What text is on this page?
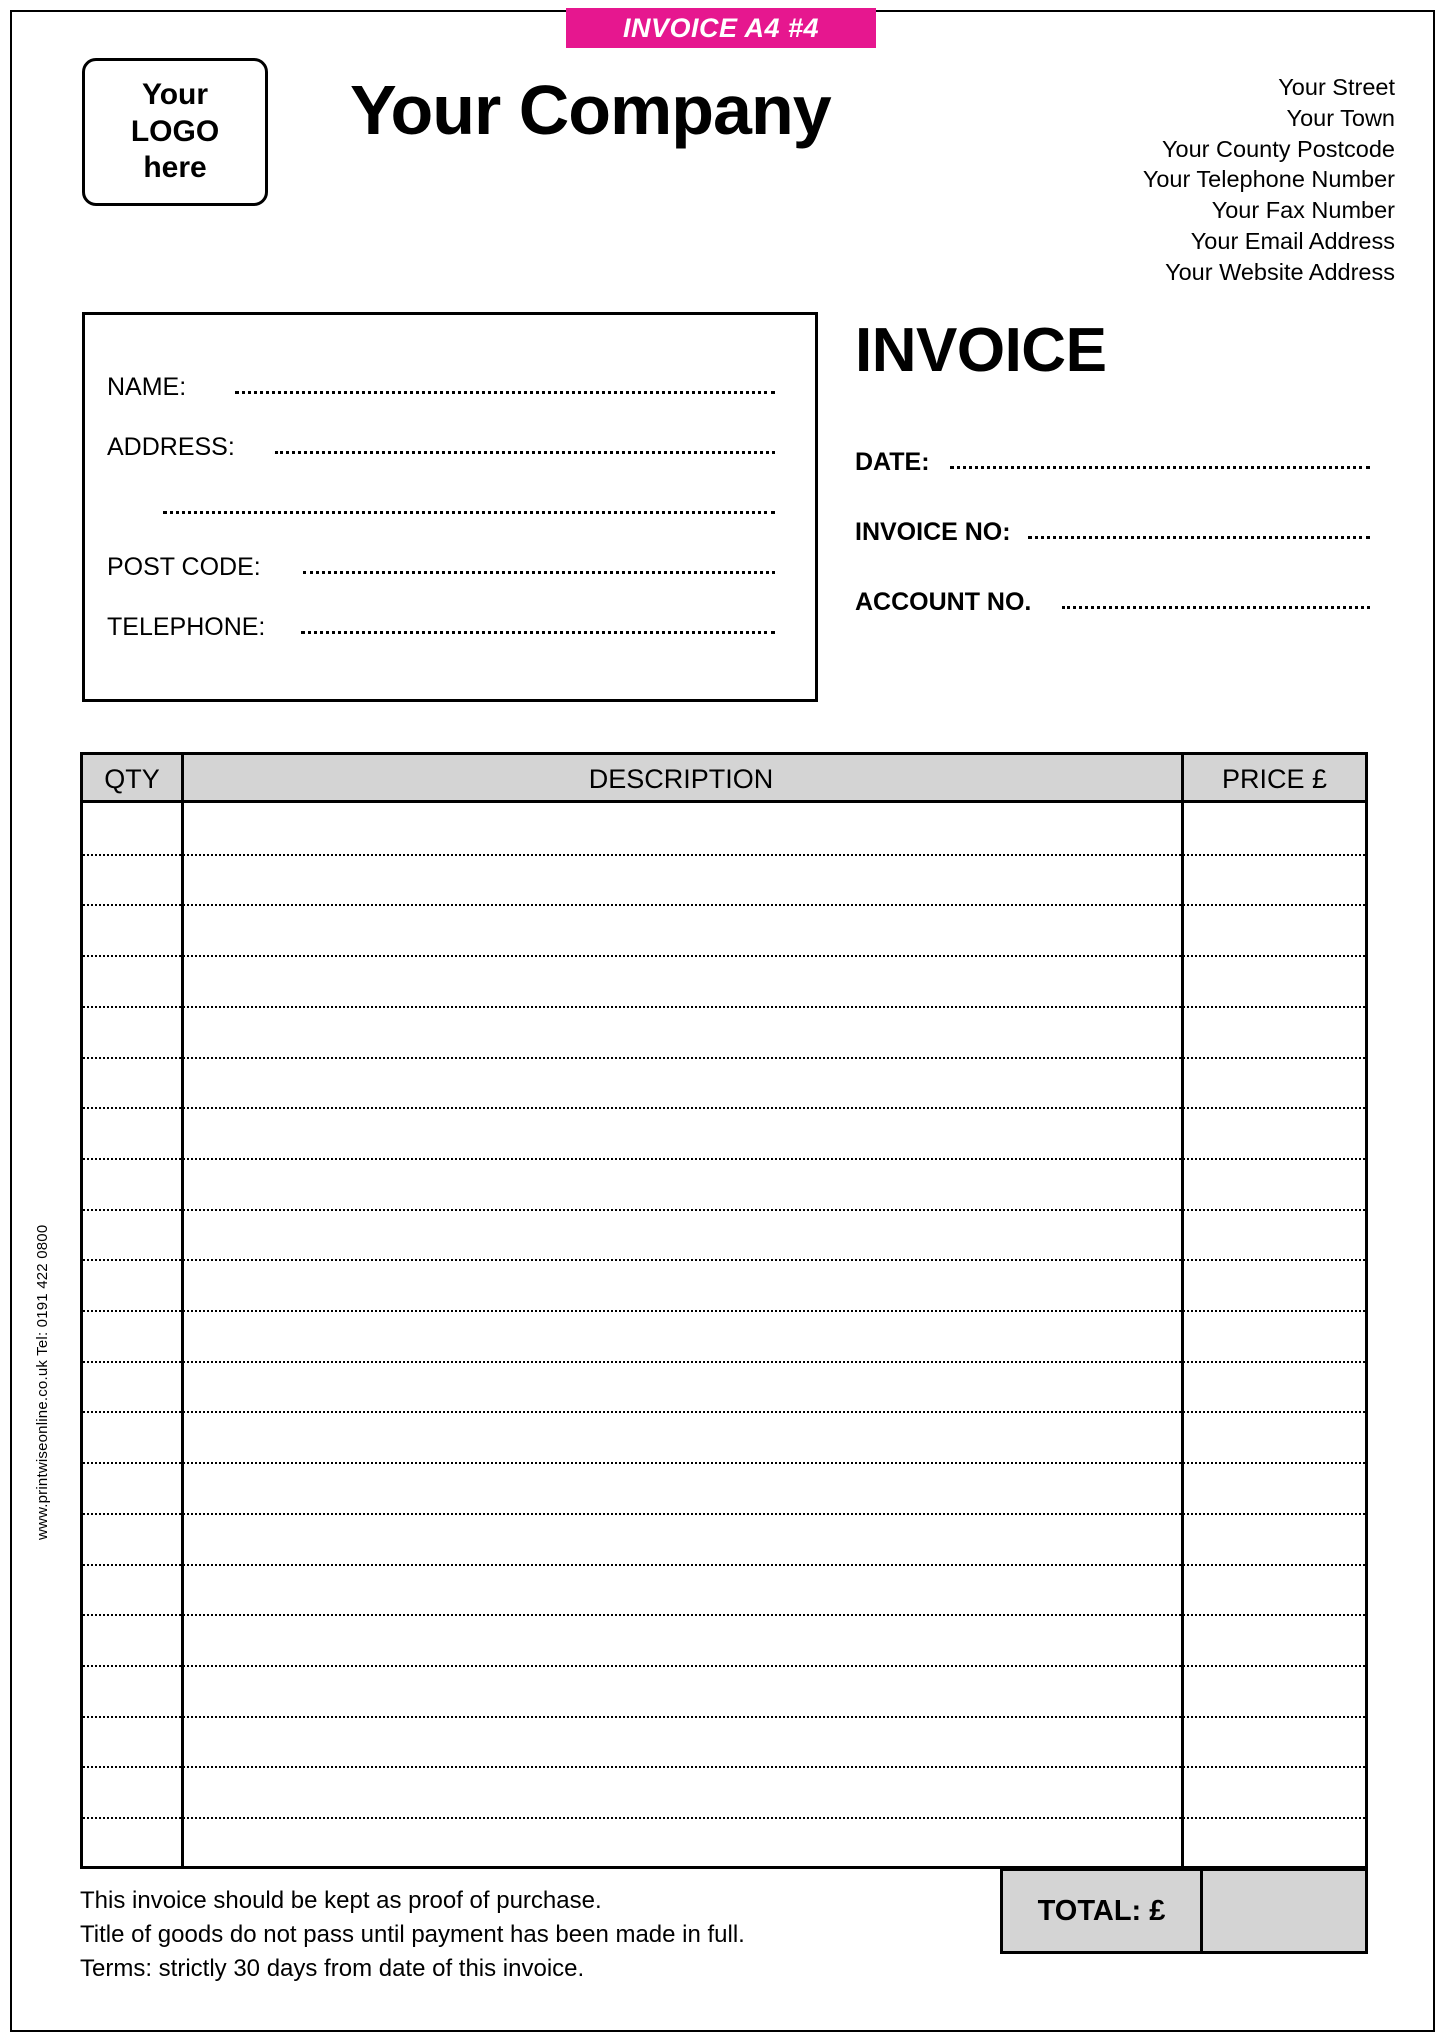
INVOICE A4 #4
Your
LOGO
here
Your Company	Your Street
Your Town
Your County Postcode
Your Telephone Number
Your Fax Number
Your Email Address
Your Website Address
NAME:
ADDRESS:
POST CODE:
TELEPHONE:
INVOICE
DATE:
INVOICE NO:
ACCOUNT NO.
QTY	DESCRIPTION	PRICE £
This invoice should be kept as proof of purchase.
Title of goods do not pass until payment has been made in full.
Terms: strictly 30 days from date of this invoice.
TOTAL: £
www.printwiseonline.co.uk Tel: 0191 422 0800
